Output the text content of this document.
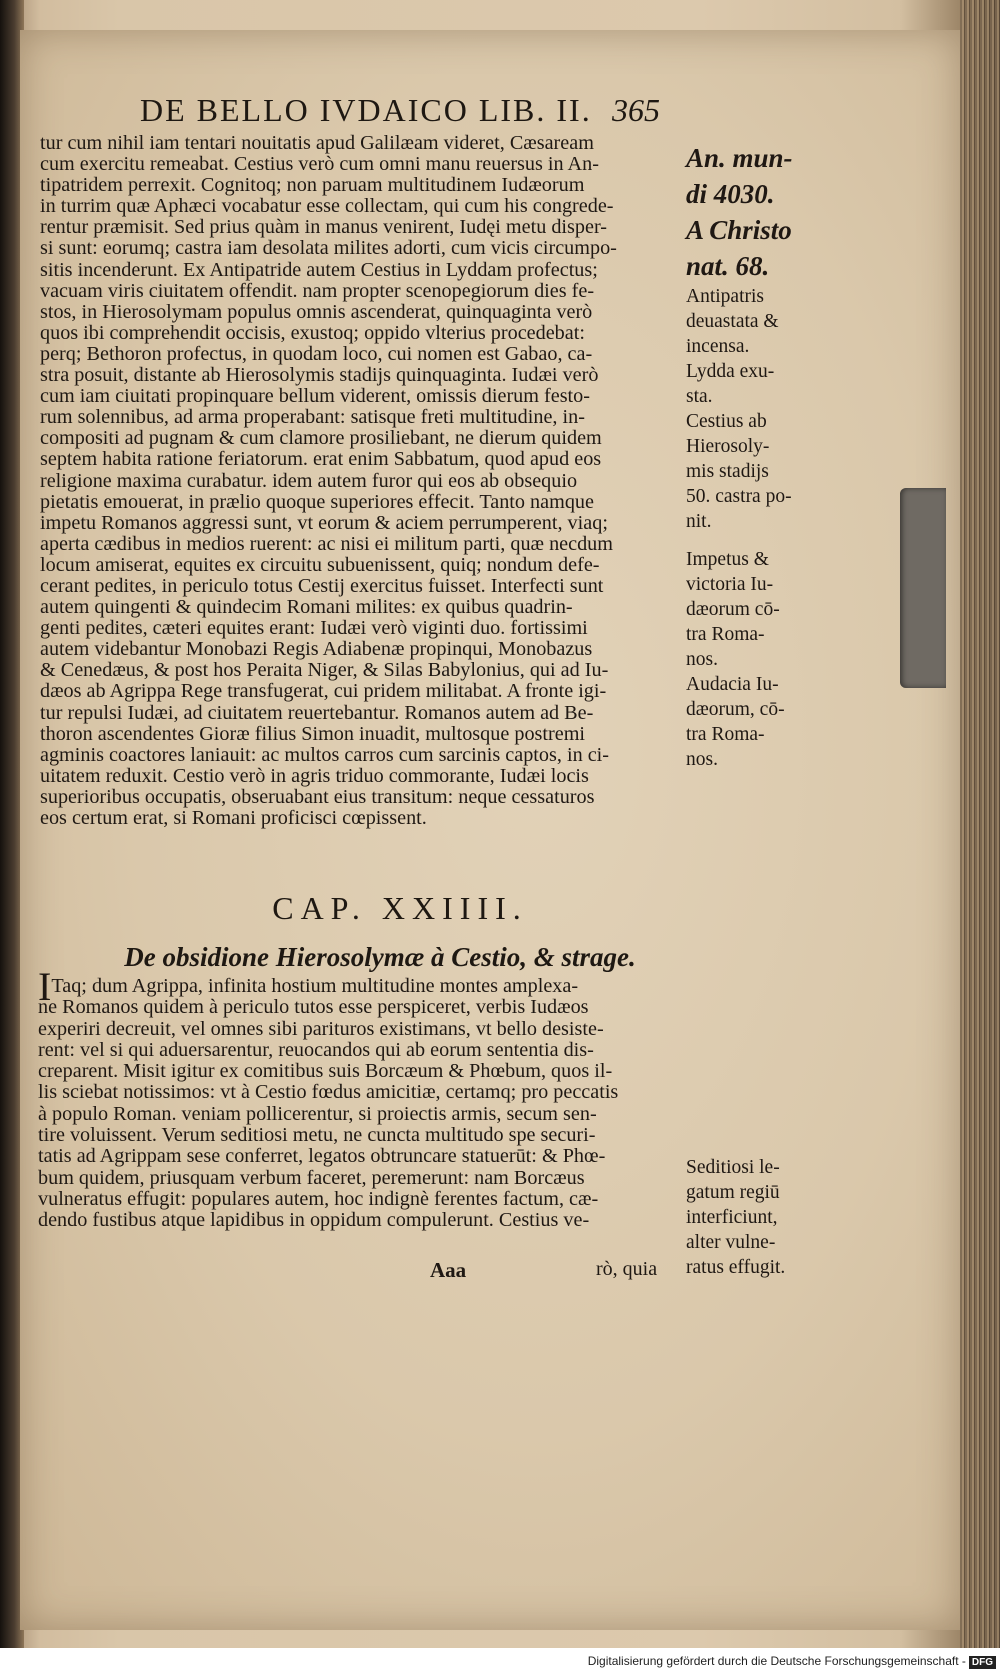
DE BELLO IVDAICO LIB. II. 365
tur cum nihil iam tentari nouitatis apud Galilæam videret, Cæsaream
cum exercitu remeabat. Cestius verò cum omni manu reuersus in An-
tipatridem perrexit. Cognitoq; non paruam multitudinem Iudæorum
in turrim quæ Aphæci vocabatur esse collectam, qui cum his congrede-
rentur præmisit. Sed prius quàm in manus venirent, Iudęi metu disper-
si sunt: eorumq; castra iam desolata milites adorti, cum vicis circumpo-
sitis incenderunt. Ex Antipatride autem Cestius in Lyddam profectus;
vacuam viris ciuitatem offendit. nam propter scenopegiorum dies fe-
stos, in Hierosolymam populus omnis ascenderat, quinquaginta verò
quos ibi comprehendit occisis, exustoq; oppido vlterius procedebat:
perq; Bethoron profectus, in quodam loco, cui nomen est Gabao, ca-
stra posuit, distante ab Hierosolymis stadijs quinquaginta. Iudæi verò
cum iam ciuitati propinquare bellum viderent, omissis dierum festo-
rum solennibus, ad arma properabant: satisque freti multitudine, in-
compositi ad pugnam & cum clamore prosiliebant, ne dierum quidem
septem habita ratione feriatorum. erat enim Sabbatum, quod apud eos
religione maxima curabatur. idem autem furor qui eos ab obsequio
pietatis emouerat, in prælio quoque superiores effecit. Tanto namque
impetu Romanos aggressi sunt, vt eorum & aciem perrumperent, viaq;
aperta cædibus in medios ruerent: ac nisi ei militum parti, quæ necdum
locum amiserat, equites ex circuitu subuenissent, quiq; nondum defe-
cerant pedites, in periculo totus Cestij exercitus fuisset. Interfecti sunt
autem quingenti & quindecim Romani milites: ex quibus quadrin-
genti pedites, cæteri equites erant: Iudæi verò viginti duo. fortissimi
autem videbantur Monobazi Regis Adiabenæ propinqui, Monobazus
& Cenedæus, & post hos Peraita Niger, & Silas Babylonius, qui ad Iu-
dæos ab Agrippa Rege transfugerat, cui pridem militabat. A fronte igi-
tur repulsi Iudæi, ad ciuitatem reuertebantur. Romanos autem ad Be-
thoron ascendentes Gioræ filius Simon inuadit, multosque postremi
agminis coactores laniauit: ac multos carros cum sarcinis captos, in ci-
uitatem reduxit. Cestio verò in agris triduo commorante, Iudæi locis
superioribus occupatis, obseruabant eius transitum: neque cessaturos
eos certum erat, si Romani proficisci cœpissent.
An. mun-
di 4030.
A Christo
nat. 68.
Antipatris
deuastata &
incensa.
Lydda exu-
sta.
Cestius ab
Hierosoly-
mis stadijs
50. castra po-
nit.
Impetus &
victoria Iu-
dæorum cō-
tra Roma-
nos.
Audacia Iu-
dæorum, cō-
tra Roma-
nos.
CAP. XXIIII.
De obsidione Hierosolymæ à Cestio, & strage.
ITaq; dum Agrippa, infinita hostium multitudine montes amplexa-
ne Romanos quidem à periculo tutos esse perspiceret, verbis Iudæos
experiri decreuit, vel omnes sibi parituros existimans, vt bello desiste-
rent: vel si qui aduersarentur, reuocandos qui ab eorum sententia dis-
creparent. Misit igitur ex comitibus suis Borcæum & Phœbum, quos il-
lis sciebat notissimos: vt à Cestio fœdus amicitiæ, certamq; pro peccatis
à populo Roman. veniam pollicerentur, si proiectis armis, secum sen-
tire voluissent. Verum seditiosi metu, ne cuncta multitudo spe securi-
tatis ad Agrippam sese conferret, legatos obtruncare statuerūt: & Phœ-
bum quidem, priusquam verbum faceret, peremerunt: nam Borcæus
vulneratus effugit: populares autem, hoc indignè ferentes factum, cæ-
dendo fustibus atque lapidibus in oppidum compulerunt. Cestius ve-
Seditiosi le-
gatum regiū
interficiunt,
alter vulne-
ratus effugit.
Aaa	rò, quia
Digitalisierung gefördert durch die Deutsche Forschungsgemeinschaft - DFG
